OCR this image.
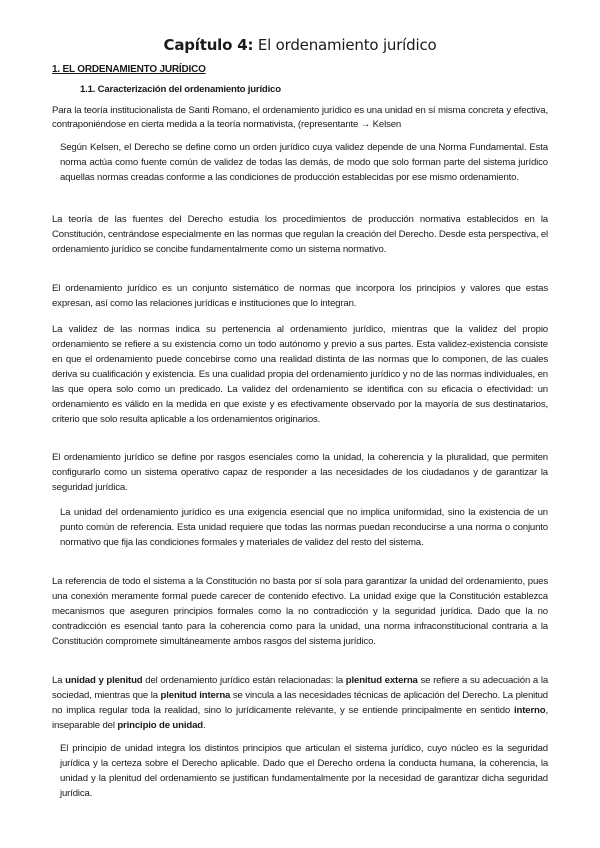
Capítulo 4: El ordenamiento jurídico
1. EL ORDENAMIENTO JURÍDICO
1.1. Caracterización del ordenamiento jurídico
Para la teoría institucionalista de Santi Romano, el ordenamiento jurídico es una unidad en sí misma concreta y efectiva, contraponiéndose en cierta medida a la teoría normativista, (representante → Kelsen
Según Kelsen, el Derecho se define como un orden jurídico cuya validez depende de una Norma Fundamental. Esta norma actúa como fuente común de validez de todas las demás, de modo que solo forman parte del sistema jurídico aquellas normas creadas conforme a las condiciones de producción establecidas por ese mismo ordenamiento.
La teoría de las fuentes del Derecho estudia los procedimientos de producción normativa establecidos en la Constitución, centrándose especialmente en las normas que regulan la creación del Derecho. Desde esta perspectiva, el ordenamiento jurídico se concibe fundamentalmente como un sistema normativo.
El ordenamiento jurídico es un conjunto sistemático de normas que incorpora los principios y valores que estas expresan, así como las relaciones jurídicas e instituciones que lo integran.
La validez de las normas indica su pertenencia al ordenamiento jurídico, mientras que la validez del propio ordenamiento se refiere a su existencia como un todo autónomo y previo a sus partes. Esta validez-existencia consiste en que el ordenamiento puede concebirse como una realidad distinta de las normas que lo componen, de las cuales deriva su cualificación y existencia. Es una cualidad propia del ordenamiento jurídico y no de las normas individuales, en las que opera solo como un predicado. La validez del ordenamiento se identifica con su eficacia o efectividad: un ordenamiento es válido en la medida en que existe y es efectivamente observado por la mayoría de sus destinatarios, criterio que solo resulta aplicable a los ordenamientos originarios.
El ordenamiento jurídico se define por rasgos esenciales como la unidad, la coherencia y la pluralidad, que permiten configurarlo como un sistema operativo capaz de responder a las necesidades de los ciudadanos y de garantizar la seguridad jurídica.
La unidad del ordenamiento jurídico es una exigencia esencial que no implica uniformidad, sino la existencia de un punto común de referencia. Esta unidad requiere que todas las normas puedan reconducirse a una norma o conjunto normativo que fija las condiciones formales y materiales de validez del resto del sistema.
La referencia de todo el sistema a la Constitución no basta por sí sola para garantizar la unidad del ordenamiento, pues una conexión meramente formal puede carecer de contenido efectivo. La unidad exige que la Constitución establezca mecanismos que aseguren principios formales como la no contradicción y la seguridad jurídica. Dado que la no contradicción es esencial tanto para la coherencia como para la unidad, una norma infraconstitucional contraria a la Constitución compromete simultáneamente ambos rasgos del sistema jurídico.
La unidad y plenitud del ordenamiento jurídico están relacionadas: la plenitud externa se refiere a su adecuación a la sociedad, mientras que la plenitud interna se vincula a las necesidades técnicas de aplicación del Derecho. La plenitud no implica regular toda la realidad, sino lo jurídicamente relevante, y se entiende principalmente en sentido interno, inseparable del principio de unidad.
El principio de unidad integra los distintos principios que articulan el sistema jurídico, cuyo núcleo es la seguridad jurídica y la certeza sobre el Derecho aplicable. Dado que el Derecho ordena la conducta humana, la coherencia, la unidad y la plenitud del ordenamiento se justifican fundamentalmente por la necesidad de garantizar dicha seguridad jurídica.
